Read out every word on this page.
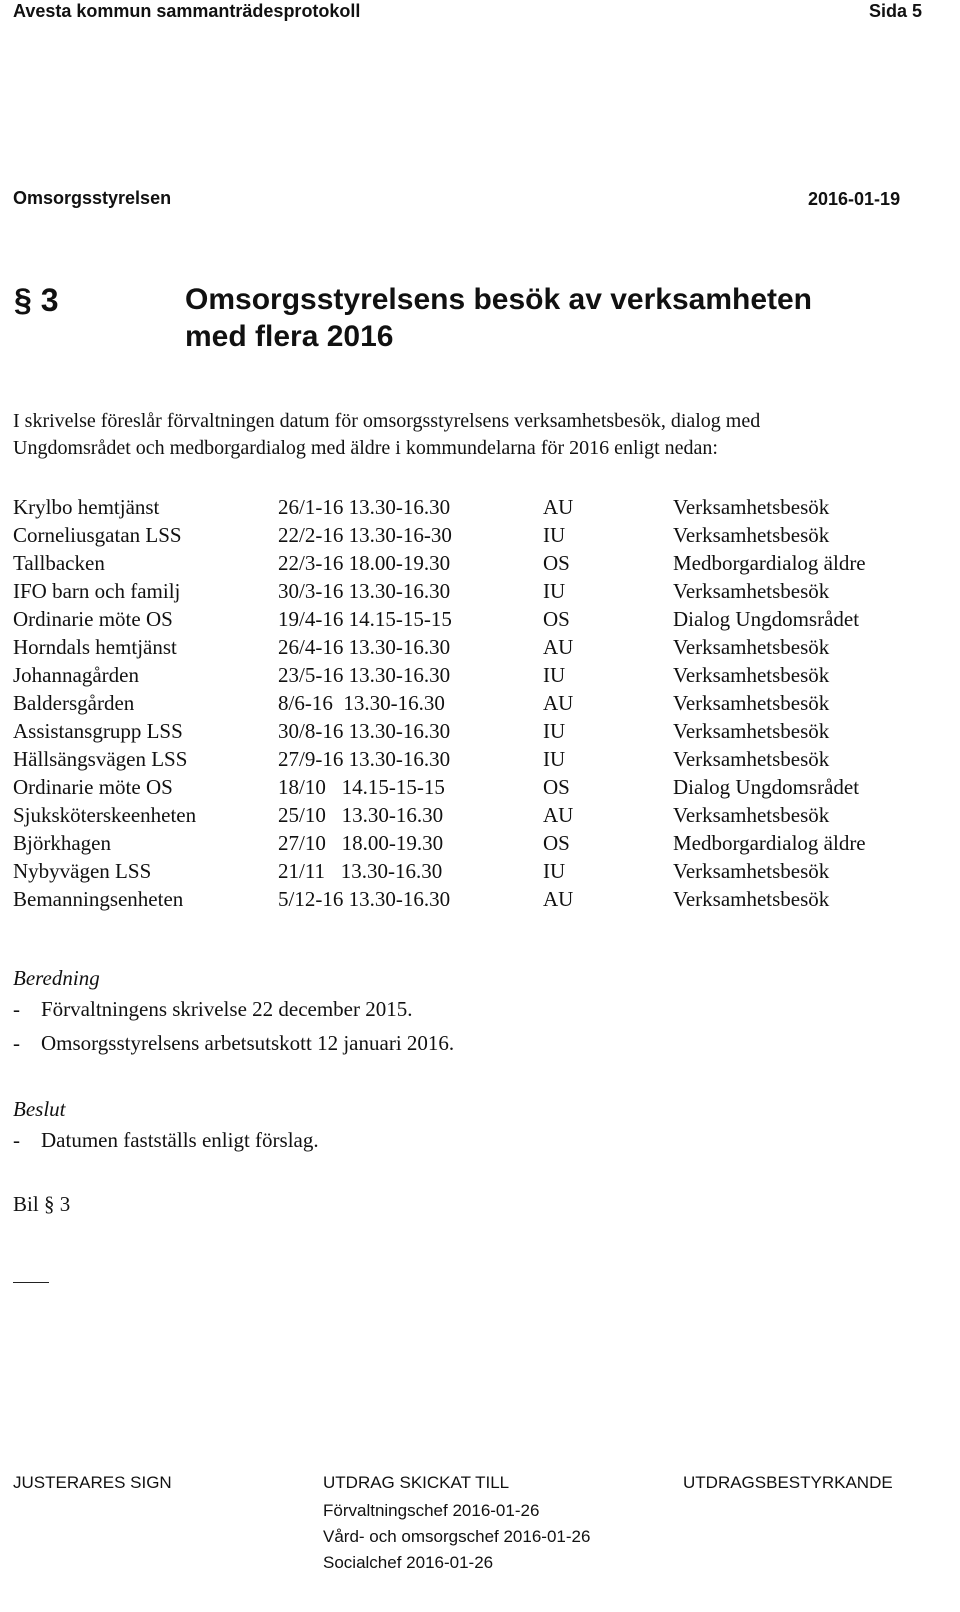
Avesta kommun sammanträdesprotokoll	Sida 5
Omsorgsstyrelsen	2016-01-19
§ 3	Omsorgsstyrelsens besök av verksamheten
med flera 2016
I skrivelse föreslår förvaltningen datum för omsorgsstyrelsens verksamhetsbesök, dialog med
Ungdomsrådet och medborgardialog med äldre i kommundelarna för 2016 enligt nedan:
Krylbo hemtjänst	26/1-16 13.30-16.30	AU	Verksamhetsbesök
Corneliusgatan LSS	22/2-16 13.30-16-30	IU	Verksamhetsbesök
Tallbacken	22/3-16 18.00-19.30	OS	Medborgardialog äldre
IFO barn och familj	30/3-16 13.30-16.30	IU	Verksamhetsbesök
Ordinarie möte OS	19/4-16 14.15-15-15	OS	Dialog Ungdomsrådet
Horndals hemtjänst	26/4-16 13.30-16.30	AU	Verksamhetsbesök
Johannagården	23/5-16 13.30-16.30	IU	Verksamhetsbesök
Baldersgården	8/6-16  13.30-16.30	AU	Verksamhetsbesök
Assistansgrupp LSS	30/8-16 13.30-16.30	IU	Verksamhetsbesök
Hällsängsvägen LSS	27/9-16 13.30-16.30	IU	Verksamhetsbesök
Ordinarie möte OS	18/10   14.15-15-15	OS	Dialog Ungdomsrådet
Sjuksköterskeenheten	25/10   13.30-16.30	AU	Verksamhetsbesök
Björkhagen	27/10   18.00-19.30	OS	Medborgardialog äldre
Nybyvägen LSS	21/11   13.30-16.30	IU	Verksamhetsbesök
Bemanningsenheten	5/12-16 13.30-16.30	AU	Verksamhetsbesök
Beredning
- Förvaltningens skrivelse 22 december 2015.
- Omsorgsstyrelsens arbetsutskott 12 januari 2016.
Beslut
- Datumen fastställs enligt förslag.
Bil § 3
JUSTERARES SIGN	UTDRAG SKICKAT TILL	UTDRAGSBESTYRKANDE
Förvaltningschef 2016-01-26
Vård- och omsorgschef 2016-01-26
Socialchef 2016-01-26
